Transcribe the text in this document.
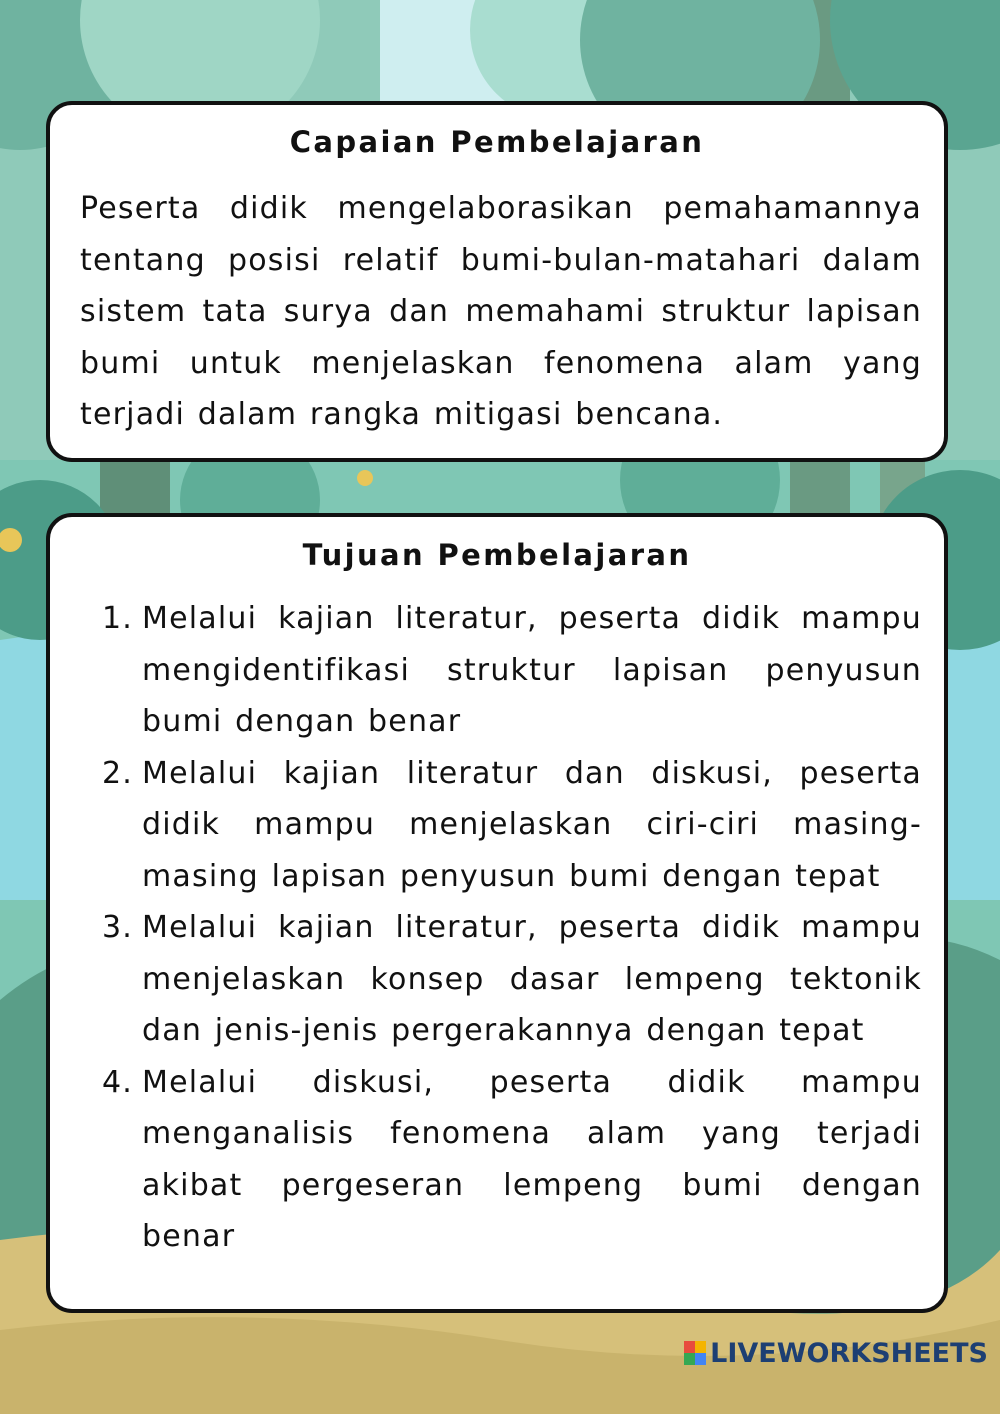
Capaian Pembelajaran

Peserta didik mengelaborasikan pemahamannya tentang posisi relatif bumi-bulan-matahari dalam sistem tata surya dan memahami struktur lapisan bumi untuk menjelaskan fenomena alam yang terjadi dalam rangka mitigasi bencana.

Tujuan Pembelajaran
1. Melalui kajian literatur, peserta didik mampu mengidentifikasi struktur lapisan penyusun bumi dengan benar
2. Melalui kajian literatur dan diskusi, peserta didik mampu menjelaskan ciri-ciri masing-masing lapisan penyusun bumi dengan tepat
3. Melalui kajian literatur, peserta didik mampu menjelaskan konsep dasar lempeng tektonik dan jenis-jenis pergerakannya dengan tepat
4. Melalui diskusi, peserta didik mampu menganalisis fenomena alam yang terjadi akibat pergeseran lempeng bumi dengan benar
LIVEWORKSHEETS
